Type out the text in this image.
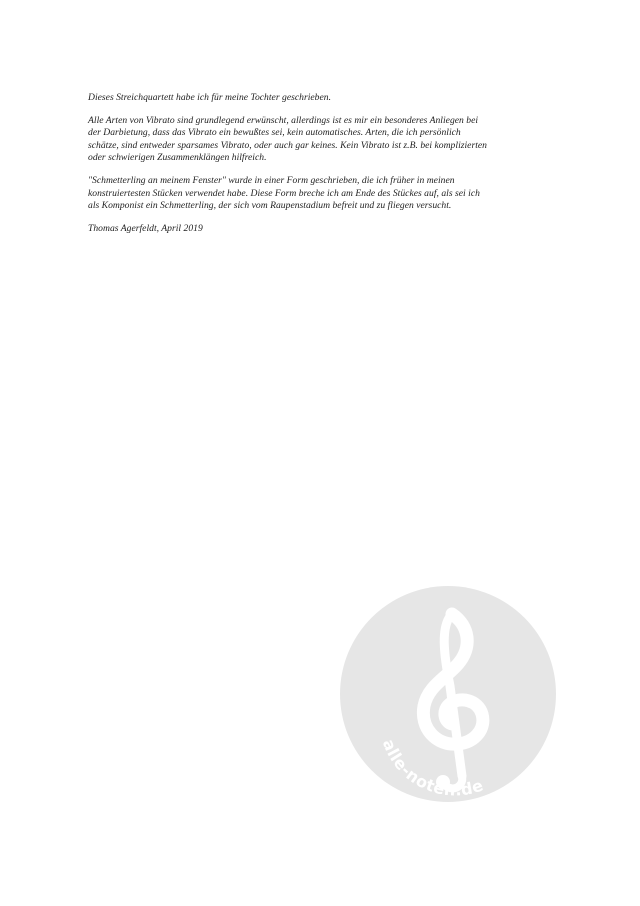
Dieses Streichquartett habe ich für meine Tochter geschrieben.

Alle Arten von Vibrato sind grundlegend erwünscht, allerdings ist es mir ein besonderes Anliegen bei
der Darbietung, dass das Vibrato ein bewußtes sei, kein automatisches. Arten, die ich persönlich
schätze, sind entweder sparsames Vibrato, oder auch gar keines. Kein Vibrato ist z.B. bei komplizierten
oder schwierigen Zusammenklängen hilfreich.

"Schmetterling an meinem Fenster" wurde in einer Form geschrieben, die ich früher in meinen
konstruiertesten Stücken verwendet habe. Diese Form breche ich am Ende des Stückes auf, als sei ich
als Komponist ein Schmetterling, der sich vom Raupenstadium befreit und zu fliegen versucht.

Thomas Agerfeldt, April 2019

alle-noten.de
